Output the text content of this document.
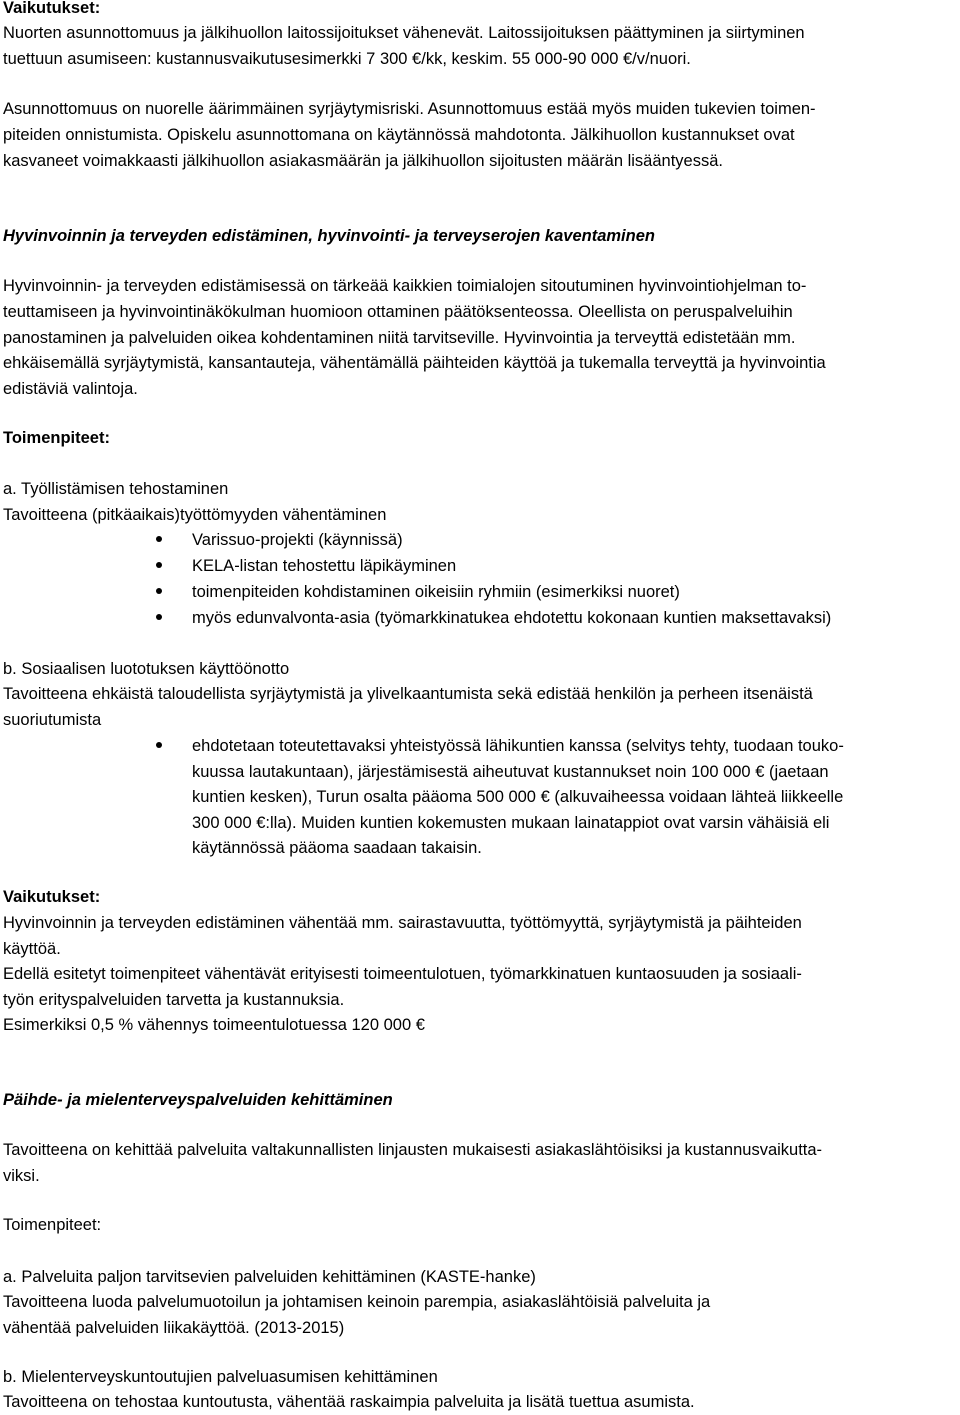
Vaikutukset:
Nuorten asunnottomuus ja jälkihuollon laitossijoitukset vähenevät. Laitossijoituksen päättyminen ja siirtyminen
tuettuun asumiseen: kustannusvaikutusesimerkki 7 300 €/kk, keskim. 55 000-90 000 €/v/nuori.
Asunnottomuus on nuorelle äärimmäinen syrjäytymisriski. Asunnottomuus estää myös muiden tukevien toimen-
piteiden onnistumista. Opiskelu asunnottomana on käytännössä mahdotonta. Jälkihuollon kustannukset ovat
kasvaneet voimakkaasti jälkihuollon asiakasmäärän ja jälkihuollon sijoitusten määrän lisääntyessä.
Hyvinvoinnin ja terveyden edistäminen, hyvinvointi- ja terveyserojen kaventaminen
Hyvinvoinnin- ja terveyden edistämisessä on tärkeää kaikkien toimialojen sitoutuminen hyvinvointiohjelman to-
teuttamiseen ja hyvinvointinäkökulman huomioon ottaminen päätöksenteossa. Oleellista on peruspalveluihin
panostaminen ja palveluiden oikea kohdentaminen niitä tarvitseville. Hyvinvointia ja terveyttä edistetään mm.
ehkäisemällä syrjäytymistä, kansantauteja, vähentämällä päihteiden käyttöä ja tukemalla terveyttä ja hyvinvointia
edistäviä valintoja.
Toimenpiteet:
a. Työllistämisen tehostaminen
Tavoitteena (pitkäaikais)työttömyyden vähentäminen
Varissuo-projekti (käynnissä)
KELA-listan tehostettu läpikäyminen
toimenpiteiden kohdistaminen oikeisiin ryhmiin (esimerkiksi nuoret)
myös edunvalvonta-asia (työmarkkinatukea ehdotettu kokonaan kuntien maksettavaksi)
b. Sosiaalisen luototuksen käyttöönotto
Tavoitteena ehkäistä taloudellista syrjäytymistä ja ylivelkaantumista sekä edistää henkilön ja perheen itsenäistä
suoriutumista
ehdotetaan toteutettavaksi yhteistyössä lähikuntien kanssa (selvitys tehty, tuodaan touko-
kuussa lautakuntaan), järjestämisestä aiheutuvat kustannukset noin 100 000 € (jaetaan
kuntien kesken), Turun osalta pääoma 500 000 € (alkuvaiheessa voidaan lähteä liikkeelle
300 000 €:lla). Muiden kuntien kokemusten mukaan lainatappiot ovat varsin vähäisiä eli
käytännössä pääoma saadaan takaisin.
Vaikutukset:
Hyvinvoinnin ja terveyden edistäminen vähentää mm. sairastavuutta, työttömyyttä, syrjäytymistä ja päihteiden
käyttöä.
Edellä esitetyt toimenpiteet vähentävät erityisesti toimeentulotuen, työmarkkinatuen kuntaosuuden ja sosiaali-
työn erityspalveluiden tarvetta ja kustannuksia.
Esimerkiksi 0,5 % vähennys toimeentulotuessa 120 000 €
Päihde- ja mielenterveyspalveluiden kehittäminen
Tavoitteena on kehittää palveluita valtakunnallisten linjausten mukaisesti asiakaslähtöisiksi ja kustannusvaikutta-
viksi.
Toimenpiteet:
a. Palveluita paljon tarvitsevien palveluiden kehittäminen (KASTE-hanke)
Tavoitteena luoda palvelumuotoilun ja johtamisen keinoin parempia, asiakaslähtöisiä palveluita ja
vähentää palveluiden liikakäyttöä. (2013-2015)
b. Mielenterveyskuntoutujien palveluasumisen kehittäminen
Tavoitteena on tehostaa kuntoutusta, vähentää raskaimpia palveluita ja lisätä tuettua asumista.
